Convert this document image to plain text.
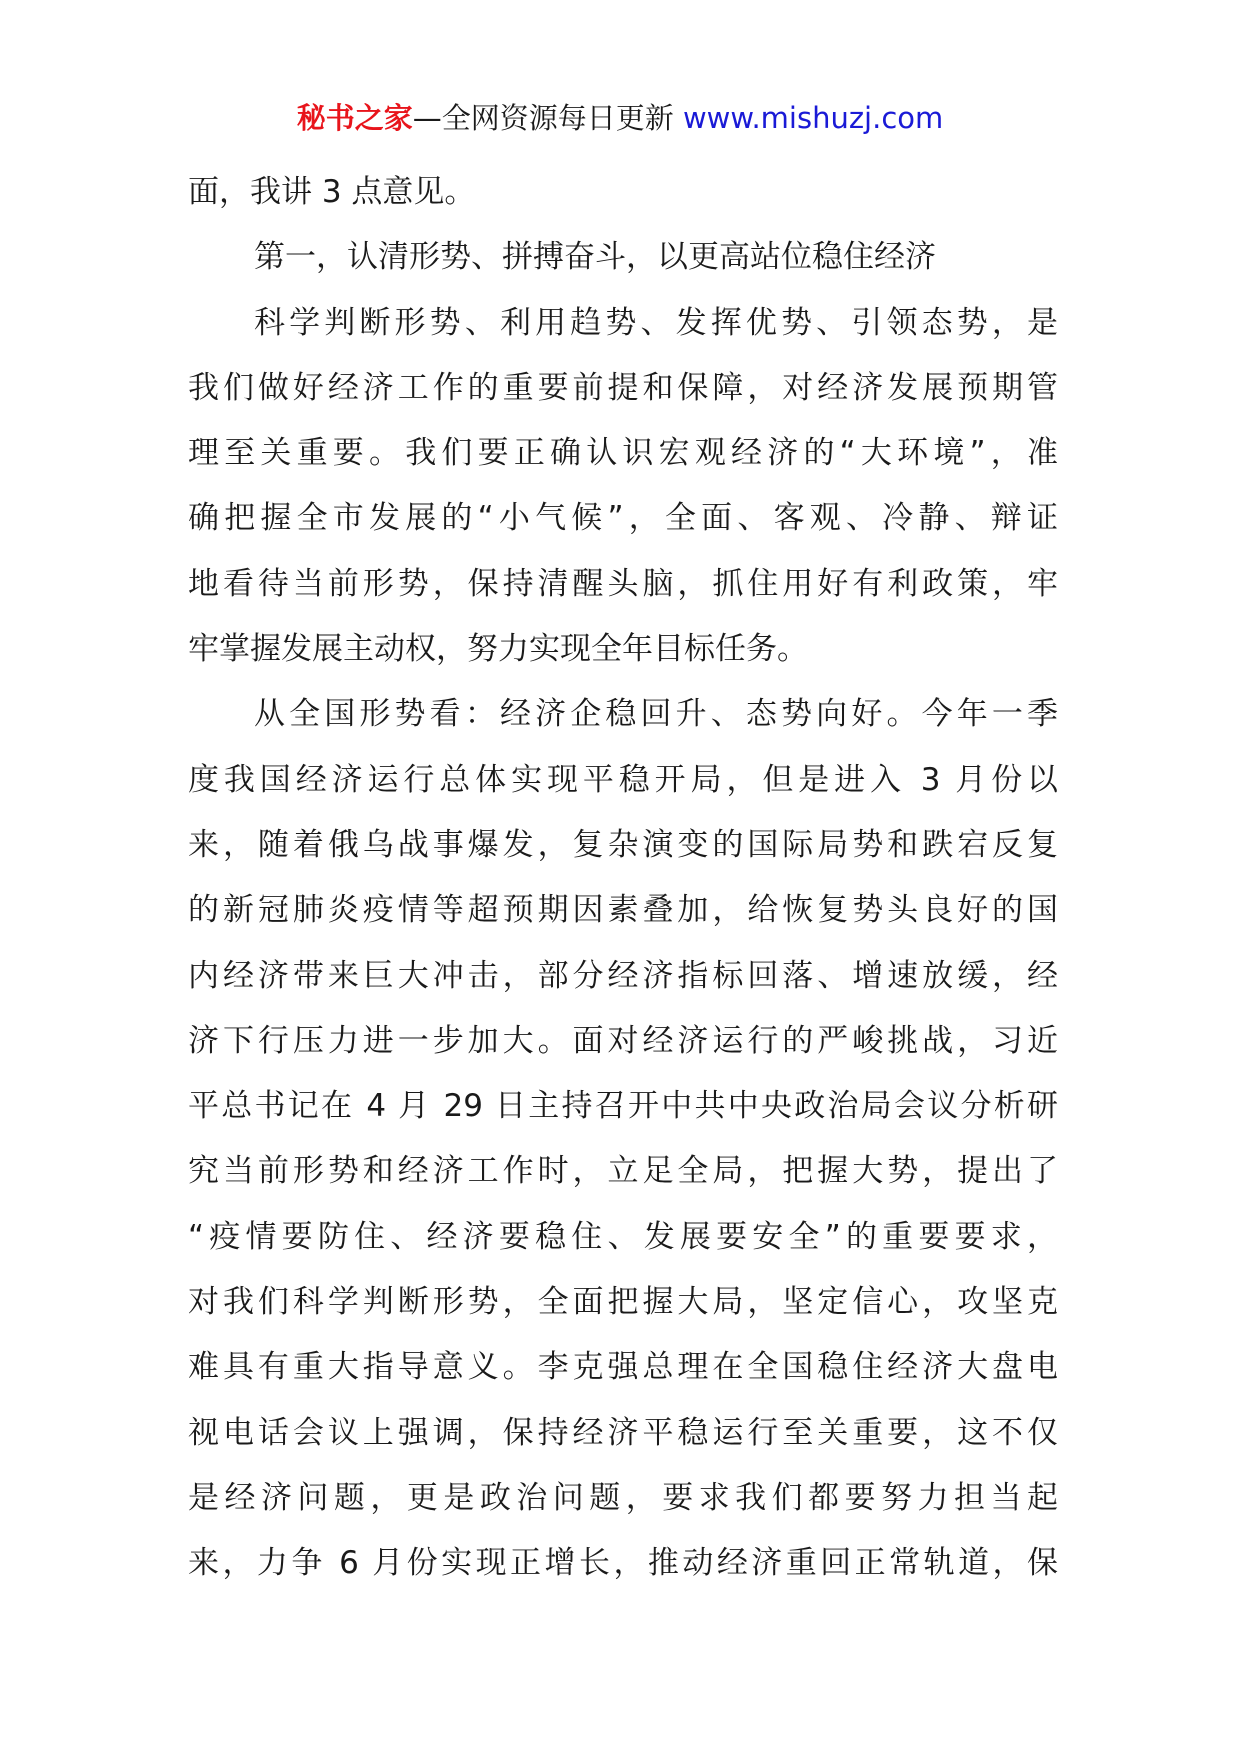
秘书之家—全网资源每日更新 www.mishuzj.com
面，我讲 3 点意见。
第一，认清形势、拼搏奋斗，以更高站位稳住经济
科学判断形势、利用趋势、发挥优势、引领态势，是
我们做好经济工作的重要前提和保障，对经济发展预期管
理至关重要。我们要正确认识宏观经济的“大环境”，准
确把握全市发展的“小气候”，全面、客观、冷静、辩证
地看待当前形势，保持清醒头脑，抓住用好有利政策，牢
牢掌握发展主动权，努力实现全年目标任务。
从全国形势看：经济企稳回升、态势向好。今年一季
度我国经济运行总体实现平稳开局，但是进入 3 月份以
来，随着俄乌战事爆发，复杂演变的国际局势和跌宕反复
的新冠肺炎疫情等超预期因素叠加，给恢复势头良好的国
内经济带来巨大冲击，部分经济指标回落、增速放缓，经
济下行压力进一步加大。面对经济运行的严峻挑战，习近
平总书记在 4 月 29 日主持召开中共中央政治局会议分析研
究当前形势和经济工作时，立足全局，把握大势，提出了
“疫情要防住、经济要稳住、发展要安全”的重要要求，
对我们科学判断形势，全面把握大局，坚定信心，攻坚克
难具有重大指导意义。李克强总理在全国稳住经济大盘电
视电话会议上强调，保持经济平稳运行至关重要，这不仅
是经济问题，更是政治问题，要求我们都要努力担当起
来，力争 6 月份实现正增长，推动经济重回正常轨道，保
